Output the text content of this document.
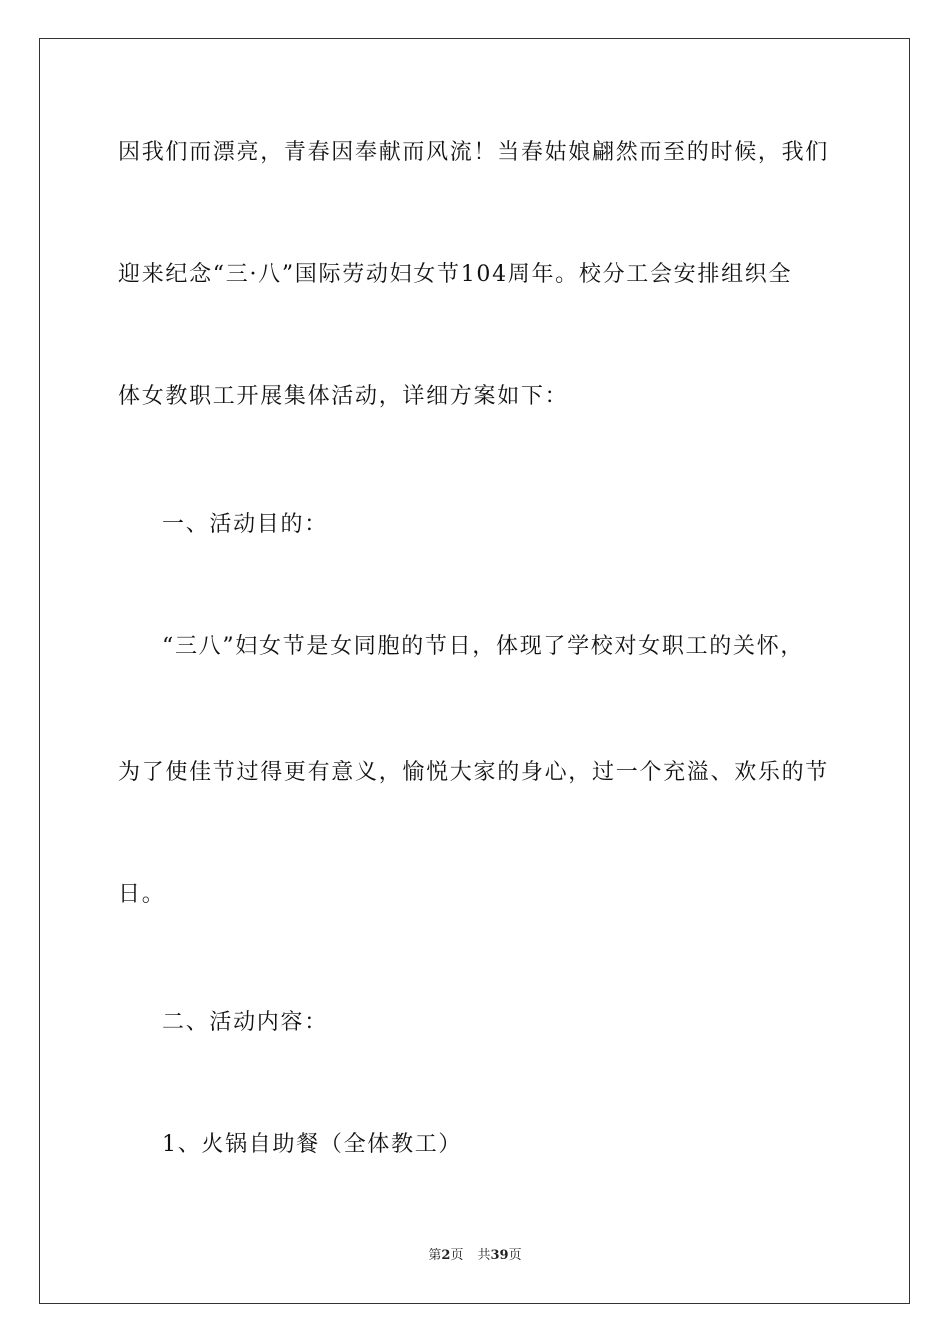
因我们而漂亮，青春因奉献而风流！当春姑娘翩然而至的时候，我们
迎来纪念“三·八”国际劳动妇女节104周年。校分工会安排组织全
体女教职工开展集体活动，详细方案如下：
一、活动目的：
“三八”妇女节是女同胞的节日，体现了学校对女职工的关怀，
为了使佳节过得更有意义，愉悦大家的身心，过一个充溢、欢乐的节
日。
二、活动内容：
1、火锅自助餐（全体教工）
第2页 共39页
